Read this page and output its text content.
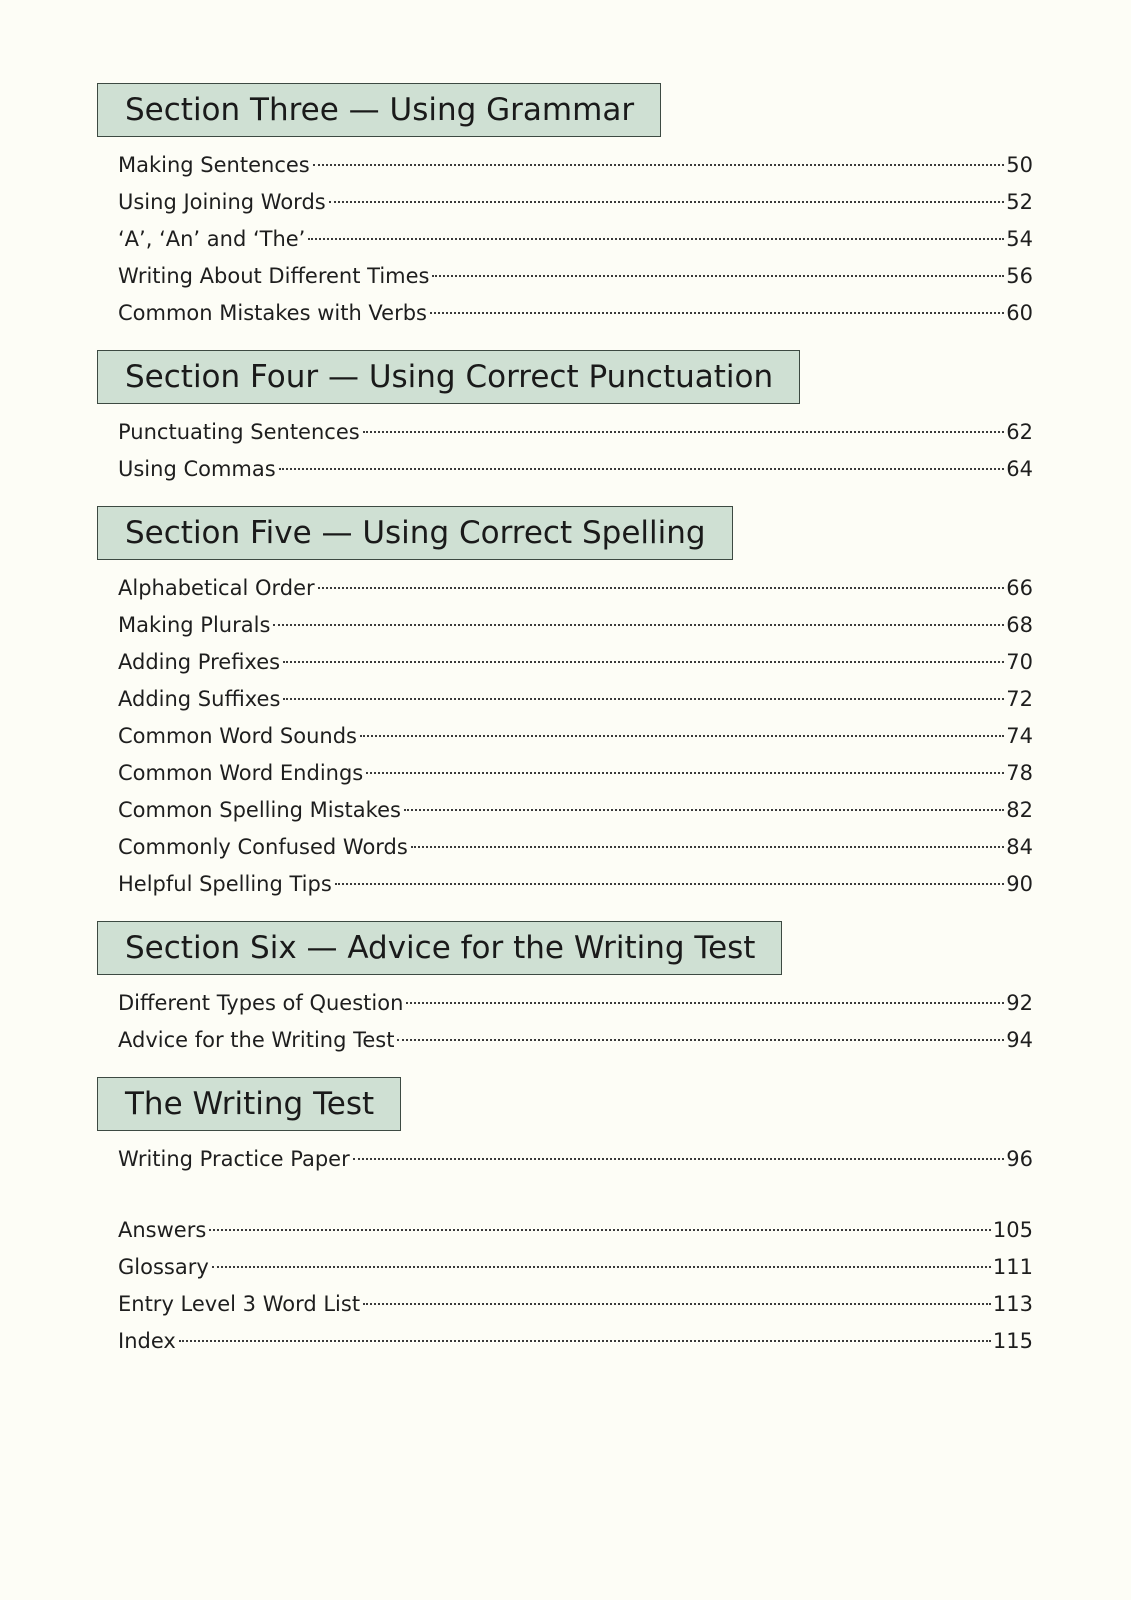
Section Three — Using Grammar
Making Sentences	50
Using Joining Words	52
‘A’, ‘An’ and ‘The’	54
Writing About Different Times	56
Common Mistakes with Verbs	60
Section Four — Using Correct Punctuation
Punctuating Sentences	62
Using Commas	64
Section Five — Using Correct Spelling
Alphabetical Order	66
Making Plurals	68
Adding Prefixes	70
Adding Suffixes	72
Common Word Sounds	74
Common Word Endings	78
Common Spelling Mistakes	82
Commonly Confused Words	84
Helpful Spelling Tips	90
Section Six — Advice for the Writing Test
Different Types of Question	92
Advice for the Writing Test	94
The Writing Test
Writing Practice Paper	96
Answers	105
Glossary	111
Entry Level 3 Word List	113
Index	115
